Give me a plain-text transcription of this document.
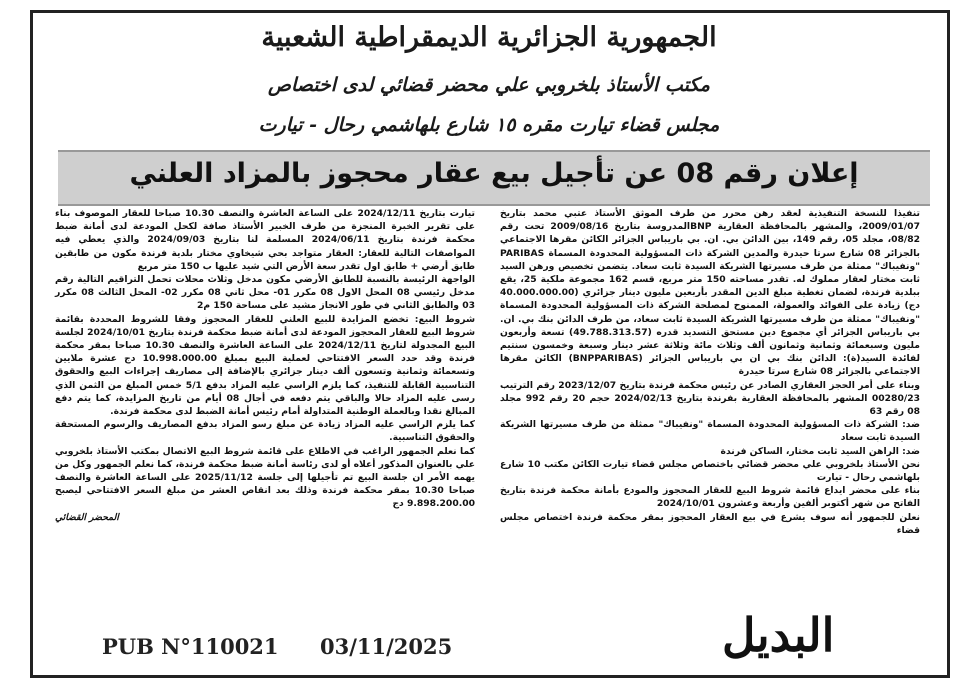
الجمهورية الجزائرية الديمقراطية الشعبية
مكتب الأستاذ بلخروبي علي محضر قضائي لدى اختصاص
مجلس قضاء تيارت مقره ١٥ شارع بلهاشمي رحال - تيارت
إعلان رقم 08 عن تأجيل بيع عقار محجوز بالمزاد العلني

تنفيذا للنسخة التنفيذية لعقد رهن محرر من طرف الموثق الأستاذ عتبي محمد بتاريخ 2009/01/07، والمشهر بالمحافظة العقارية BNPالمدروسة بتاريخ 2009/08/16 تحت رقم 08/82، مجلد 05، رقم 149، بين الدائن بي. ان. بي باريباس الجزائر الكائن مقرها الاجتماعي بالجزائر 08 شارع سرتا حيدرة والمدين الشركة ذات المسؤولية المحدودة المسماة PARIBAS "ونفيباك" ممثلة من طرف مسيرتها الشريكة السيدة ثابت سعاد. يتضمن تخصيص ورهن السيد ثابت مختار لعقار مملوك له. تقدر مساحته 150 متر مربع، قسم 162 مجموعة ملكية 25، يقع ببلدية فرندة، لضمان تغطية مبلغ الدين المقدر بأربعين مليون دينار جزائري (40.000.000.00 دج) زيادة على الفوائد والعمولة، الممنوح لمصلحة الشركة ذات المسؤولية المحدودة المسماة "ونفيباك" ممثلة من طرف مسيرتها الشريكة السيدة ثابت سعاد، من طرف الدائن بنك بي. ان. بي باريباس الجزائر أي مجموع دين مستحق التسديد قدره (49.788.313.57) تسعة وأربعون مليون وسبعمائة وثمانية وثمانون ألف وثلاث مائة وثلاثة عشر دينار وسبعة وخمسون سنتيم لفائدة السيد(ة): الدائن بنك بي ان بي باريباس الجزائر (BNPPARIBAS) الكائن مقرها الاجتماعي بالجزائر 08 شارع سرتا حيدرة

وبناء على أمر الحجز العقاري الصادر عن رئيس محكمة فرندة بتاريخ 2023/12/07 رقم الترتيب 00280/23 المشهر بالمحافظة العقارية بفرندة بتاريخ 2024/02/13 حجم 20 رقم 992 مجلد 08 رقم 63

ضد: الشركة ذات المسؤولية المحدودة المسماة "ونفيباك" ممثلة من طرف مسيرتها الشريكة السيدة ثابت سعاد

ضد: الراهن السيد ثابت مختار، الساكن فرندة

نحن الأستاذ بلخروبي علي محضر قضائي باختصاص مجلس قضاء تيارت الكائن مكتب 10 شارع بلهاشمي رحال - تيارت

بناء على محضر ايداع قائمة شروط البيع للعقار المحجوز والمودع بأمانة محكمة فرندة بتاريخ الفاتح من شهر أكتوبر ألفين وأربعة وعشرون 2024/10/01

نعلن للجمهور أنه سوف يشرع في بيع العقار المحجوز بمقر محكمة فرندة اختصاص مجلس قضاء

تيارت بتاريخ 2024/12/11 على الساعة العاشرة والنصف 10.30 صباحا للعقار الموصوف بناء على تقرير الخبرة المنجزة من طرف الخبير الأستاذ صافة لكحل المودعة لدى أمانة ضبط محكمة فرندة بتاريخ 2024/06/11 المسلمة لنا بتاريخ 2024/09/03 والذي يعطي فيه المواصفات التالية للعقار: العقار متواجد بحي شيخاوي مختار بلدية فرندة مكون من طابقين طابق أرضي + طابق اول تقدر سعة الأرض التي شيد عليها ب 150 متر مربع

الواجهة الرئيسة بالنسبة للطابق الأرضي مكون مدخل وثلاث محلات تحمل التراقيم التالية رقم مدخل رئيسي 08 المحل الاول 08 مكرر 01- محل ثاني 08 مكرر 02- المحل الثالث 08 مكرر 03 والطابق الثاني في طور الانجاز مشيد على مساحة 150 م2

شروط البيع: تخضع المزايدة للبيع العلني للعقار المحجوز وفقا للشروط المحددة بقائمة شروط البيع للعقار المحجوز المودعة لدى أمانة ضبط محكمة فرندة بتاريخ 2024/10/01 لجلسة البيع المجدولة لتاريخ 2024/12/11 على الساعة العاشرة والنصف 10.30 صباحا بمقر محكمة فرندة وقد حدد السعر الافتتاحي لعملية البيع بمبلغ 10.998.000.00 دج عشرة ملايين وتسعمائة وثمانية وتسعون ألف دينار جزائري بالإضافة إلى مصاريف إجراءات البيع والحقوق التناسبية القابلة للتنفيذ، كما يلزم الراسي عليه المزاد بدفع 5/1 خمس المبلغ من الثمن الذي رسى عليه المزاد حالا والباقي يتم دفعه في أجال 08 أيام من تاريخ المزايدة، كما يتم دفع المبالغ نقدا وبالعملة الوطنية المتداولة أمام رئيس أمانة الضبط لدى محكمة فرندة.

كما يلزم الراسي عليه المزاد زيادة عن مبلغ رسو المزاد بدفع المصاريف والرسوم المستحقة والحقوق التناسبية.

كما نعلم الجمهور الراغب في الاطلاع على قائمة شروط البيع الاتصال بمكتب الأستاذ بلخروبي علي بالعنوان المذكور أعلاه أو لدى رئاسة أمانة ضبط محكمة فرندة، كما نعلم الجمهور وكل من يهمه الأمر ان جلسة البيع تم تأجيلها إلى جلسة 2025/11/12 على الساعة العاشرة والنصف صباحا 10.30 بمقر محكمة فرندة وذلك بعد انقاص العشر من مبلغ السعر الافتتاحي ليصبح 9.898.200.00 دج

المحضر القضائي

PUB N°110021 03/11/2025	البديل
